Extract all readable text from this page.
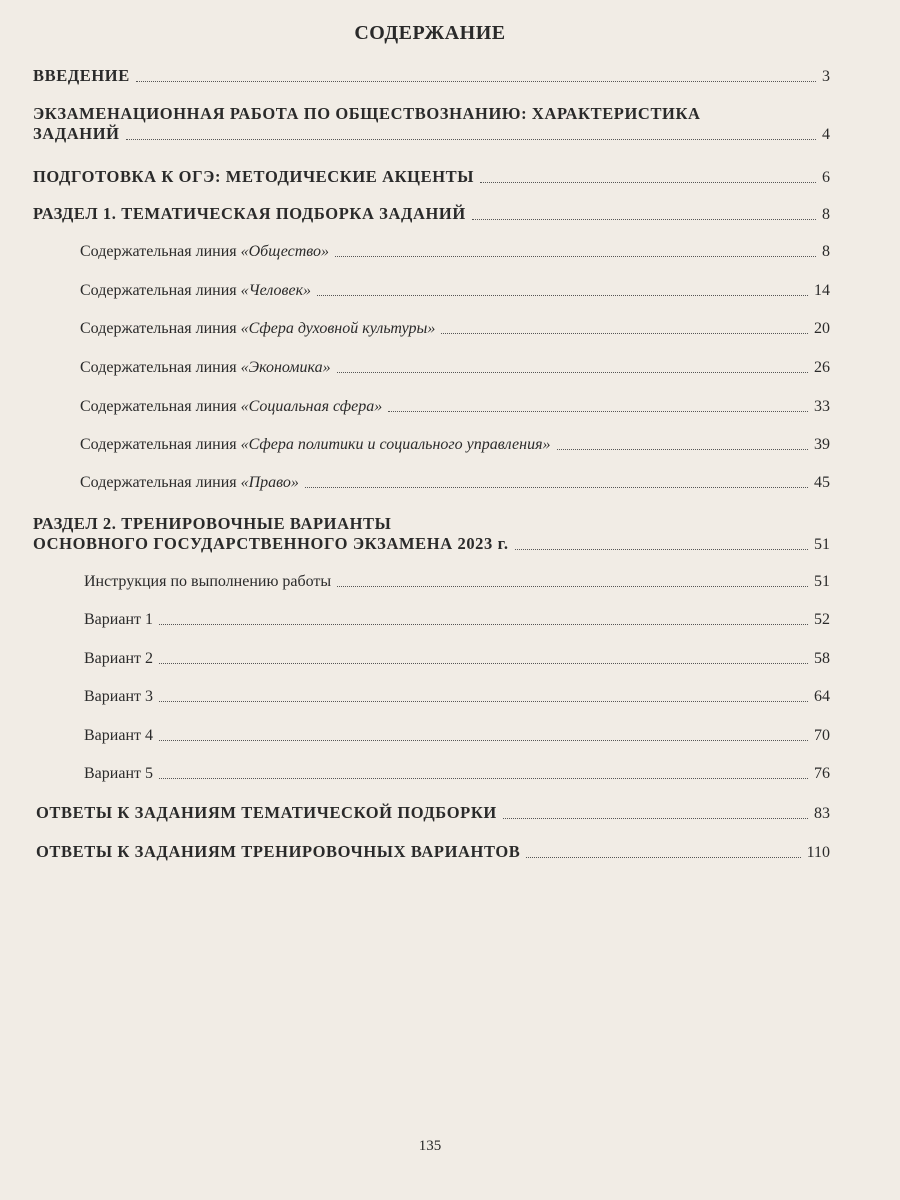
СОДЕРЖАНИЕ
ВВЕДЕНИЕ	3
ЭКЗАМЕНАЦИОННАЯ РАБОТА ПО ОБЩЕСТВОЗНАНИЮ: ХАРАКТЕРИСТИКА
ЗАДАНИЙ	4
ПОДГОТОВКА К ОГЭ: МЕТОДИЧЕСКИЕ АКЦЕНТЫ	6
РАЗДЕЛ 1. ТЕМАТИЧЕСКАЯ ПОДБОРКА ЗАДАНИЙ	8
Содержательная линия «Общество»	8
Содержательная линия «Человек»	14
Содержательная линия «Сфера духовной культуры»	20
Содержательная линия «Экономика»	26
Содержательная линия «Социальная сфера»	33
Содержательная линия «Сфера политики и социального управления»	39
Содержательная линия «Право»	45
РАЗДЕЛ 2. ТРЕНИРОВОЧНЫЕ ВАРИАНТЫ
ОСНОВНОГО ГОСУДАРСТВЕННОГО ЭКЗАМЕНА 2023 г.	51
Инструкция по выполнению работы	51
Вариант 1	52
Вариант 2	58
Вариант 3	64
Вариант 4	70
Вариант 5	76
ОТВЕТЫ К ЗАДАНИЯМ ТЕМАТИЧЕСКОЙ ПОДБОРКИ	83
ОТВЕТЫ К ЗАДАНИЯМ ТРЕНИРОВОЧНЫХ ВАРИАНТОВ	110
135
